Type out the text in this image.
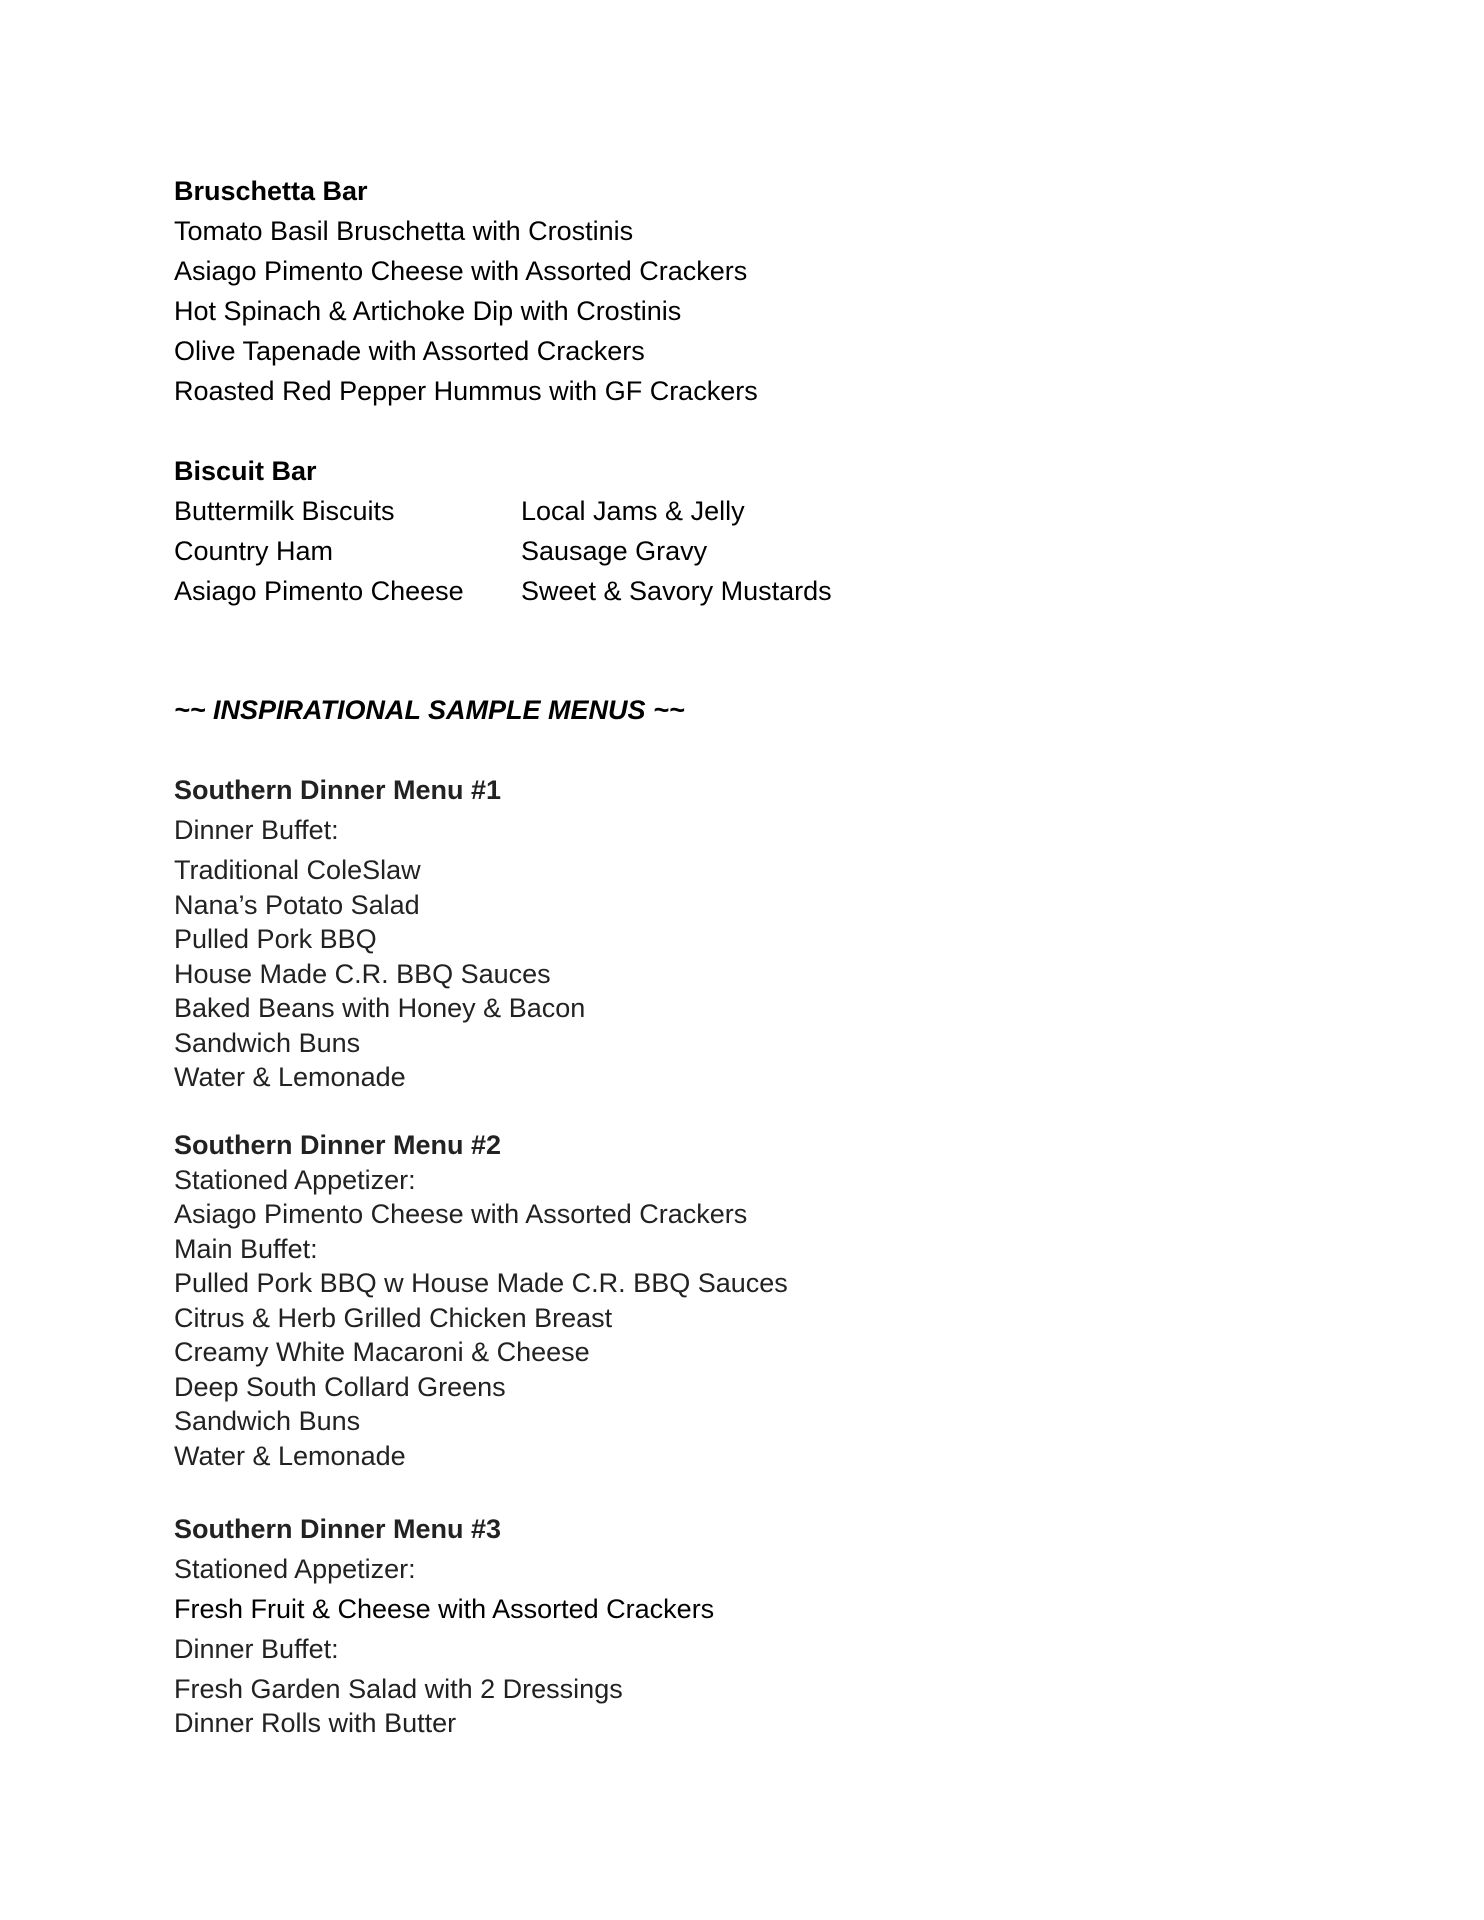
Bruschetta Bar
Tomato Basil Bruschetta with Crostinis
Asiago Pimento Cheese with Assorted Crackers
Hot Spinach & Artichoke Dip with Crostinis
Olive Tapenade with Assorted Crackers
Roasted Red Pepper Hummus with GF Crackers
Biscuit Bar
Buttermilk Biscuits	Local Jams & Jelly
Country Ham	Sausage Gravy
Asiago Pimento Cheese Sweet & Savory Mustards
~~ INSPIRATIONAL SAMPLE MENUS ~~
Southern Dinner Menu #1
Dinner Buffet:
Traditional ColeSlaw
Nana’s Potato Salad
Pulled Pork BBQ
House Made C.R. BBQ Sauces
Baked Beans with Honey & Bacon
Sandwich Buns
Water & Lemonade
Southern Dinner Menu #2
Stationed Appetizer:
Asiago Pimento Cheese with Assorted Crackers
Main Buffet:
Pulled Pork BBQ w House Made C.R. BBQ Sauces
Citrus & Herb Grilled Chicken Breast
Creamy White Macaroni & Cheese
Deep South Collard Greens
Sandwich Buns
Water & Lemonade
Southern Dinner Menu #3
Stationed Appetizer:
Fresh Fruit & Cheese with Assorted Crackers
Dinner Buffet:
Fresh Garden Salad with 2 Dressings
Dinner Rolls with Butter
